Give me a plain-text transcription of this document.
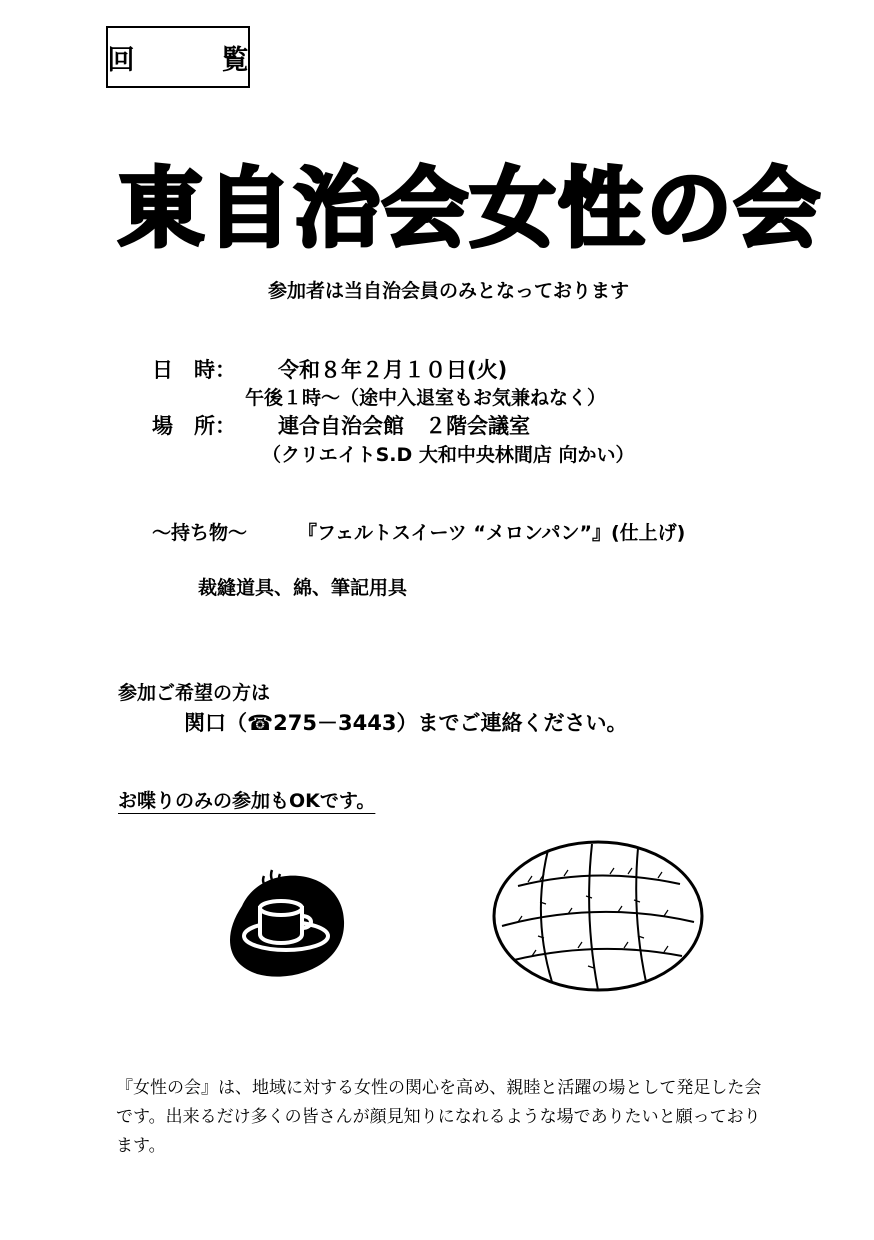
回　覧
東自治会女性の会
参加者は当自治会員のみとなっております
日　時： 令和８年２月１０日(火)
午後１時～（途中入退室もお気兼ねなく）
場　所： 連合自治会館　２階会議室
（クリエイトS.D 大和中央林間店 向かい）
～持ち物～	『フェルトスイーツ “メロンパン”』(仕上げ)
裁縫道具、綿、筆記用具
参加ご希望の方は
関口（☎275－3443）までご連絡ください。
お喋りのみの参加もOKです。
『女性の会』は、地域に対する女性の関心を高め、親睦と活躍の場として発足した会
です。出来るだけ多くの皆さんが顔見知りになれるような場でありたいと願っており
ます。
